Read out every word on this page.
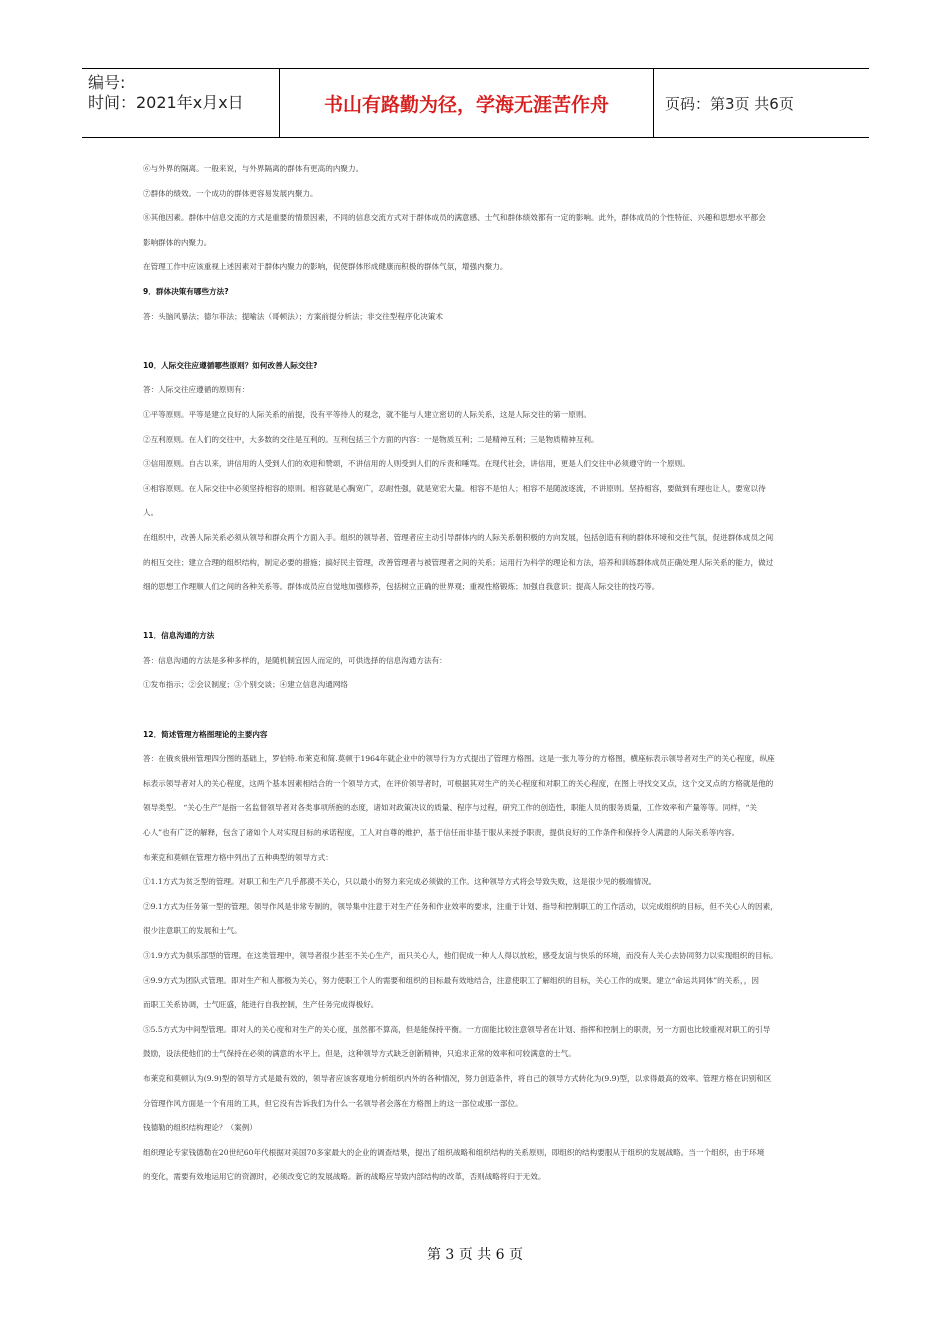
编号:
时间：2021年x月x日	书山有路勤为径，学海无涯苦作舟	页码：第3页 共6页

⑥与外界的隔离。一般来说，与外界隔离的群体有更高的内聚力。

⑦群体的绩效。一个成功的群体更容易发展内聚力。

⑧其他因素。群体中信息交流的方式是重要的情景因素，不同的信息交流方式对于群体成员的满意感、士气和群体绩效都有一定的影响。此外，群体成员的个性特征、兴趣和思想水平都会

影响群体的内聚力。

在管理工作中应该重视上述因素对于群体内聚力的影响，促使群体形成健康而积极的群体气氛，增强内聚力。

9．群体决策有哪些方法?

答：头脑风暴法；德尔菲法；提喻法（哥顿法）；方案前提分析法；非交往型程序化决策术

10．人际交往应遵循哪些原则？如何改善人际交往?

答：人际交往应遵循的原则有：

①平等原则。平等是建立良好的人际关系的前提，没有平等待人的观念，就不能与人建立密切的人际关系，这是人际交往的第一原则。

②互利原则。在人们的交往中，大多数的交往是互利的。互利包括三个方面的内容：一是物质互利；二是精神互利；三是物质精神互利。

③信用原则。自古以来，讲信用的人受到人们的欢迎和赞颂，不讲信用的人则受到人们的斥责和唾骂。在现代社会，讲信用，更是人们交往中必须遵守的一个原则。

④相容原则。在人际交往中必须坚持相容的原则。相容就是心胸宽广，忍耐性强，就是宽宏大量。相容不是怕人；相容不是随波逐流，不讲原则。坚持相容，要做到有理也让人，要宽以待

人。

在组织中，改善人际关系必须从领导和群众两个方面入手。组织的领导者、管理者应主动引导群体内的人际关系朝积极的方向发展，包括创造有利的群体环境和交往气氛，促进群体成员之间

的相互交往；建立合理的组织结构，制定必要的措施；搞好民主管理，改善管理者与被管理者之间的关系；运用行为科学的理论和方法，培养和训练群体成员正确处理人际关系的能力，做过

细的思想工作理顺人们之间的各种关系等。群体成员应自觉地加强修养，包括树立正确的世界观；重视性格锻炼；加强自我意识；提高人际交往的技巧等。

11．信息沟通的方法

答：信息沟通的方法是多种多样的，是随机制宜因人而定的，可供选择的信息沟通方法有：

①发布指示；②会议制度；③个别交谈；④建立信息沟通网络

12．简述管理方格图理论的主要内容

答：在俄亥俄州管理四分图的基础上，罗伯特.布莱克和简.莫顿于1964年就企业中的领导行为方式提出了管理方格图。这是一张九等分的方格图，横座标表示领导者对生产的关心程度，纵座

标表示领导者对人的关心程度，这两个基本因素相结合的一个领导方式，在评价领导者时，可根据其对生产的关心程度和对职工的关心程度，在图上寻找交叉点，这个交叉点的方格就是他的

领导类型。 “关心生产”是指一名监督领导者对各类事项所抱的态度，诸如对政策决议的质量、程序与过程，研究工作的创造性，职能人员的服务质量，工作效率和产量等等。同样，“关

心人”也有广泛的解释，包含了诸如个人对实现目标的承诺程度，工人对自尊的维护，基于信任而非基于服从来授予职责，提供良好的工作条件和保持令人满意的人际关系等内容。

布莱克和莫顿在管理方格中列出了五种典型的领导方式：

①1.1方式为贫乏型的管理。对职工和生产几乎都漠不关心，只以最小的努力来完成必须做的工作。这种领导方式将会导致失败，这是很少见的极端情况。

②9.1方式为任务第一型的管理。领导作风是非常专制的，领导集中注意于对生产任务和作业效率的要求，注重于计划、指导和控制职工的工作活动，以完成组织的目标，但不关心人的因素，

很少注意职工的发展和士气。

③1.9方式为俱乐部型的管理。在这类管理中，领导者很少甚至不关心生产，而只关心人，他们促成一种人人得以放松，感受友谊与快乐的环境，而没有人关心去协同努力以实现组织的目标。

④9.9方式为团队式管理。即对生产和人都极为关心，努力使职工个人的需要和组织的目标最有效地结合，注意使职工了解组织的目标，关心工作的成果。建立“命运共同体”的关系，，因

而职工关系协调，士气旺盛，能进行自我控制，生产任务完成得极好。

⑤5.5方式为中间型管理。即对人的关心度和对生产的关心度，虽然都不算高，但是能保持平衡。一方面能比较注意领导者在计划、指挥和控制上的职责，另一方面也比较重视对职工的引导

鼓励，设法使他们的士气保持在必须的满意的水平上。但是，这种领导方式缺乏创新精神，只追求正常的效率和可较满意的士气。

布莱克和莫顿认为(9.9)型的领导方式是最有效的，领导者应该客观地分析组织内外的各种情况，努力创造条件，将自己的领导方式转化为(9.9)型，以求得最高的效率。管理方格在识别和区

分管理作风方面是一个有用的工具，但它没有告诉我们为什么一名领导者会落在方格图上的这一部位或那一部位。

钱德勒的组织结构理论？（案例）

组织理论专家钱德勒在20世纪60年代根据对美国70多家最大的企业的调查结果，提出了组织战略和组织结构的关系原则，即组织的结构要服从于组织的发展战略。当一个组织，由于环境

的变化，需要有效地运用它的资源时，必须改变它的发展战略。新的战略应导致内部结构的改革，否则战略将归于无效。

第 3 页 共 6 页
